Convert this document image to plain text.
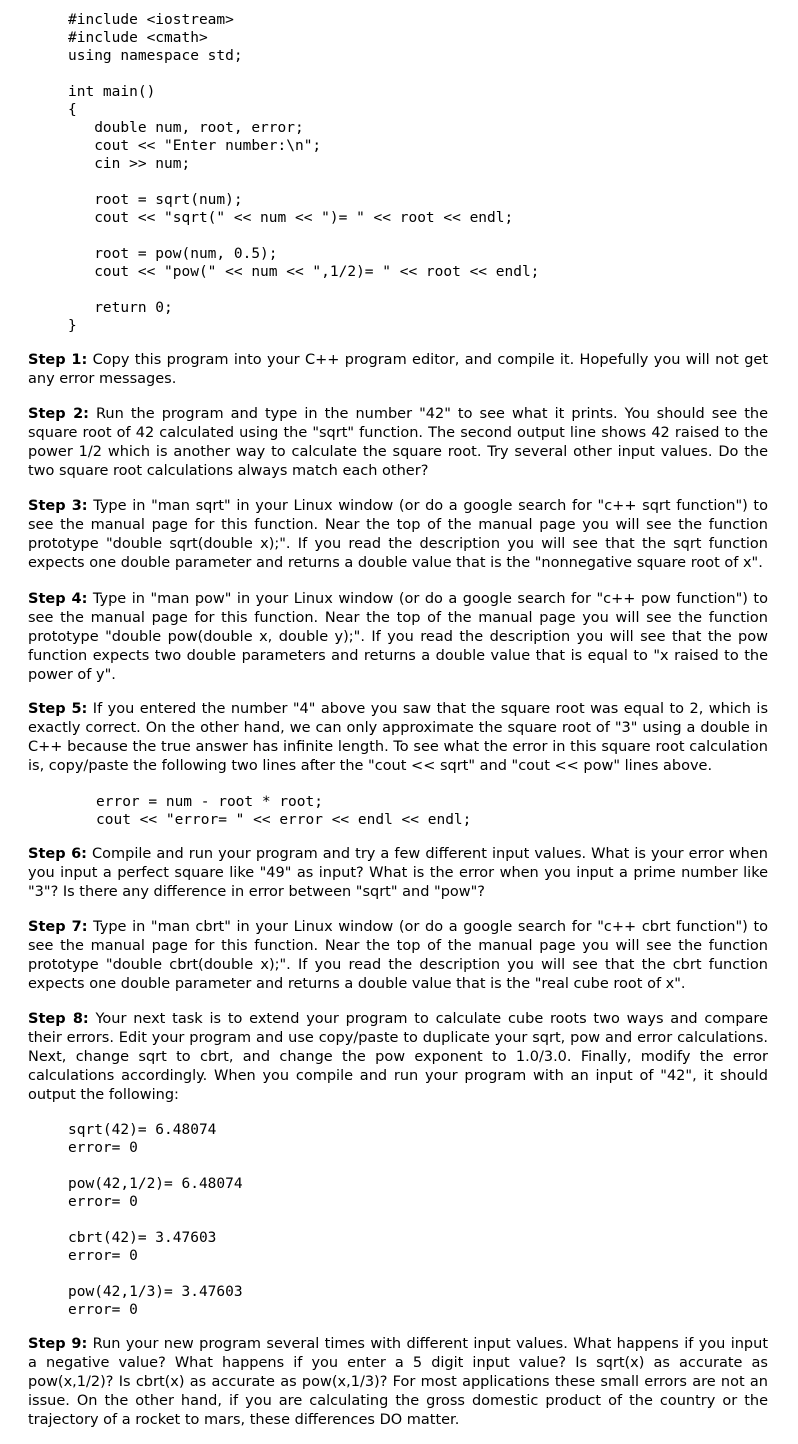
#include <iostream>
#include <cmath>
using namespace std;

int main()
{
double num, root, error;
cout << "Enter number:\n";
cin >> num;

root = sqrt(num);
cout << "sqrt(" << num << ")= " << root << endl;

root = pow(num, 0.5);
cout << "pow(" << num << ",1/2)= " << root << endl;

return 0;
}

Step 1: Copy this program into your C++ program editor, and compile it. Hopefully you will not get any error messages.

Step 2: Run the program and type in the number "42" to see what it prints. You should see the square root of 42 calculated using the "sqrt" function. The second output line shows 42 raised to the power 1/2 which is another way to calculate the square root. Try several other input values. Do the two square root calculations always match each other?

Step 3: Type in "man sqrt" in your Linux window (or do a google search for "c++ sqrt function") to see the manual page for this function. Near the top of the manual page you will see the function prototype "double sqrt(double x);". If you read the description you will see that the sqrt function expects one double parameter and returns a double value that is the "nonnegative square root of x".

Step 4: Type in "man pow" in your Linux window (or do a google search for "c++ pow function") to see the manual page for this function. Near the top of the manual page you will see the function prototype "double pow(double x, double y);". If you read the description you will see that the pow function expects two double parameters and returns a double value that is equal to "x raised to the power of y".

Step 5: If you entered the number "4" above you saw that the square root was equal to 2, which is exactly correct. On the other hand, we can only approximate the square root of "3" using a double in C++ because the true answer has infinite length. To see what the error in this square root calculation is, copy/paste the following two lines after the "cout << sqrt" and "cout << pow" lines above.

error = num - root * root;
cout << "error= " << error << endl << endl;

Step 6: Compile and run your program and try a few different input values. What is your error when you input a perfect square like "49" as input? What is the error when you input a prime number like "3"? Is there any difference in error between "sqrt" and "pow"?

Step 7: Type in "man cbrt" in your Linux window (or do a google search for "c++ cbrt function") to see the manual page for this function. Near the top of the manual page you will see the function prototype "double cbrt(double x);". If you read the description you will see that the cbrt function expects one double parameter and returns a double value that is the "real cube root of x".

Step 8: Your next task is to extend your program to calculate cube roots two ways and compare their errors. Edit your program and use copy/paste to duplicate your sqrt, pow and error calculations. Next, change sqrt to cbrt, and change the pow exponent to 1.0/3.0. Finally, modify the error calculations accordingly. When you compile and run your program with an input of "42", it should output the following:

sqrt(42)= 6.48074
error= 0

pow(42,1/2)= 6.48074
error= 0

cbrt(42)= 3.47603
error= 0

pow(42,1/3)= 3.47603
error= 0

Step 9: Run your new program several times with different input values. What happens if you input a negative value? What happens if you enter a 5 digit input value? Is sqrt(x) as accurate as pow(x,1/2)? Is cbrt(x) as accurate as pow(x,1/3)? For most applications these small errors are not an issue. On the other hand, if you are calculating the gross domestic product of the country or the trajectory of a rocket to mars, these differences DO matter.
